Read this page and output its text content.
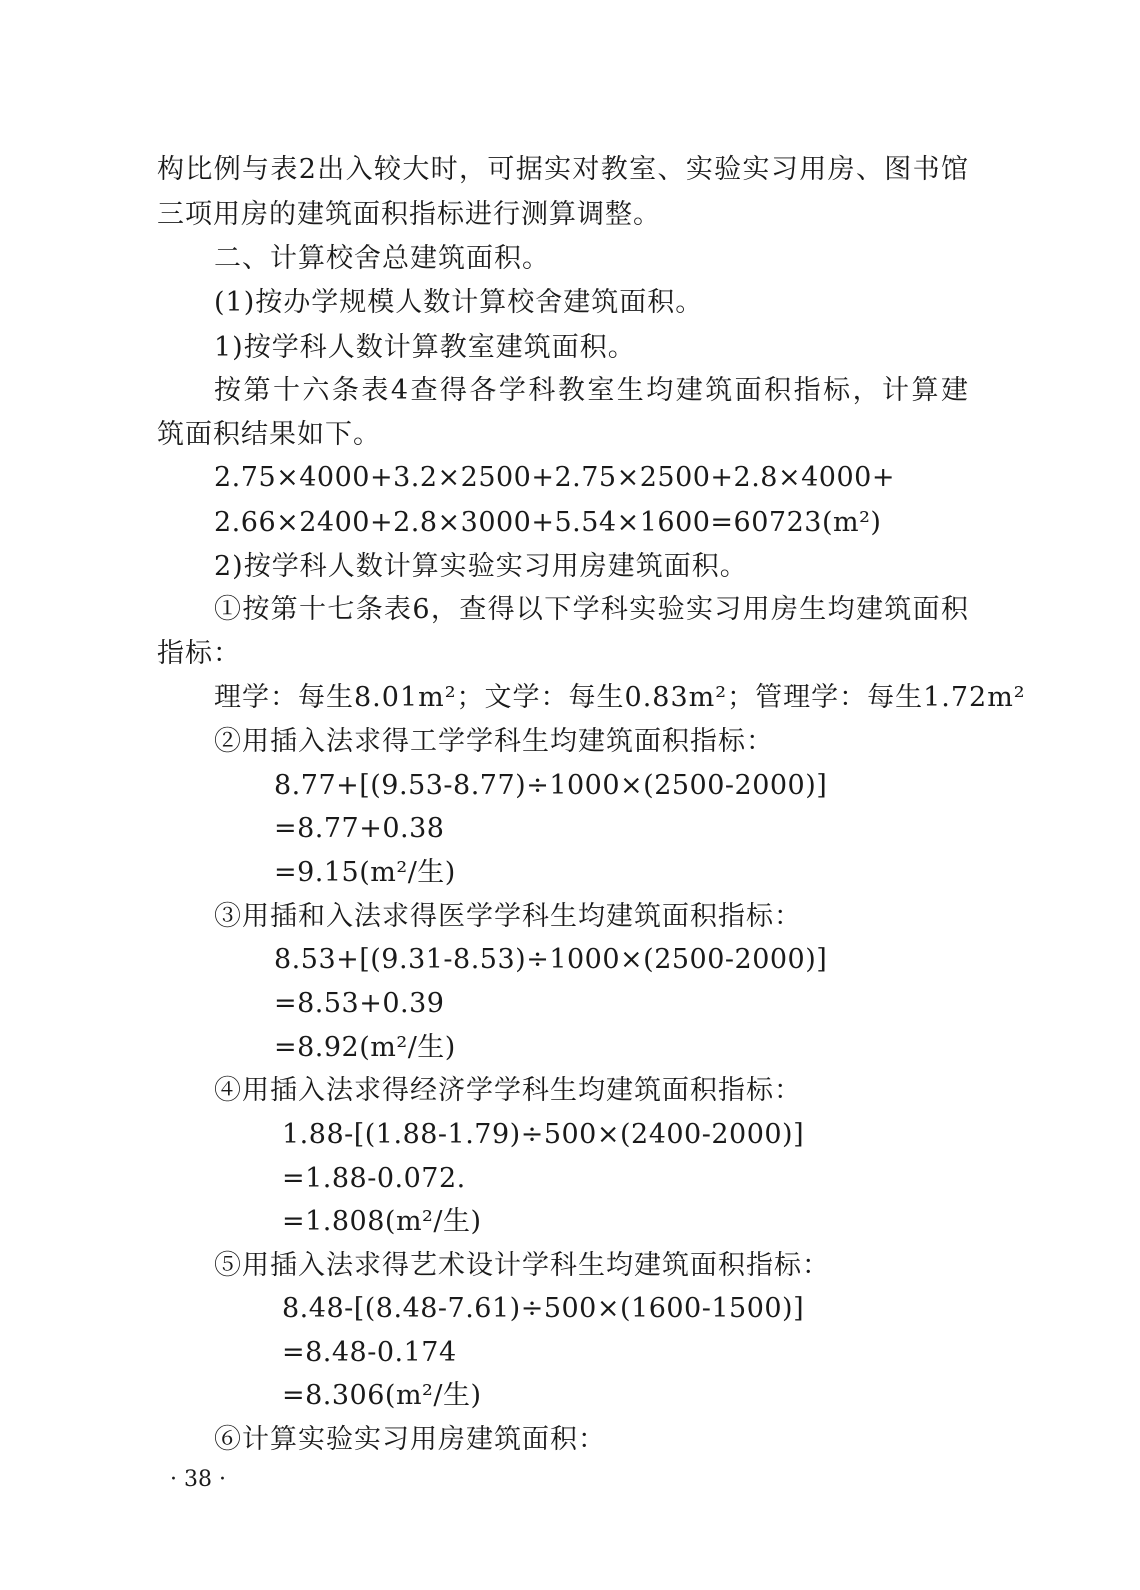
构比例与表2出入较大时，可据实对教室、实验实习用房、图书馆
三项用房的建筑面积指标进行测算调整。
二、计算校舍总建筑面积。
(1)按办学规模人数计算校舍建筑面积。
1)按学科人数计算教室建筑面积。
按第十六条表4查得各学科教室生均建筑面积指标，计算建
筑面积结果如下。
2.75×4000+3.2×2500+2.75×2500+2.8×4000+
2.66×2400+2.8×3000+5.54×1600=60723(m²)
2)按学科人数计算实验实习用房建筑面积。
①按第十七条表6，查得以下学科实验实习用房生均建筑面积
指标：
理学：每生8.01m²；文学：每生0.83m²；管理学：每生1.72m²
②用插入法求得工学学科生均建筑面积指标：
8.77+[(9.53-8.77)÷1000×(2500-2000)]
=8.77+0.38
=9.15(m²/生)
③用插和入法求得医学学科生均建筑面积指标：
8.53+[(9.31-8.53)÷1000×(2500-2000)]
=8.53+0.39
=8.92(m²/生)
④用插入法求得经济学学科生均建筑面积指标：
1.88-[(1.88-1.79)÷500×(2400-2000)]
=1.88-0.072.
=1.808(m²/生)
⑤用插入法求得艺术设计学科生均建筑面积指标：
8.48-[(8.48-7.61)÷500×(1600-1500)]
=8.48-0.174
=8.306(m²/生)
⑥计算实验实习用房建筑面积：
· 38 ·
